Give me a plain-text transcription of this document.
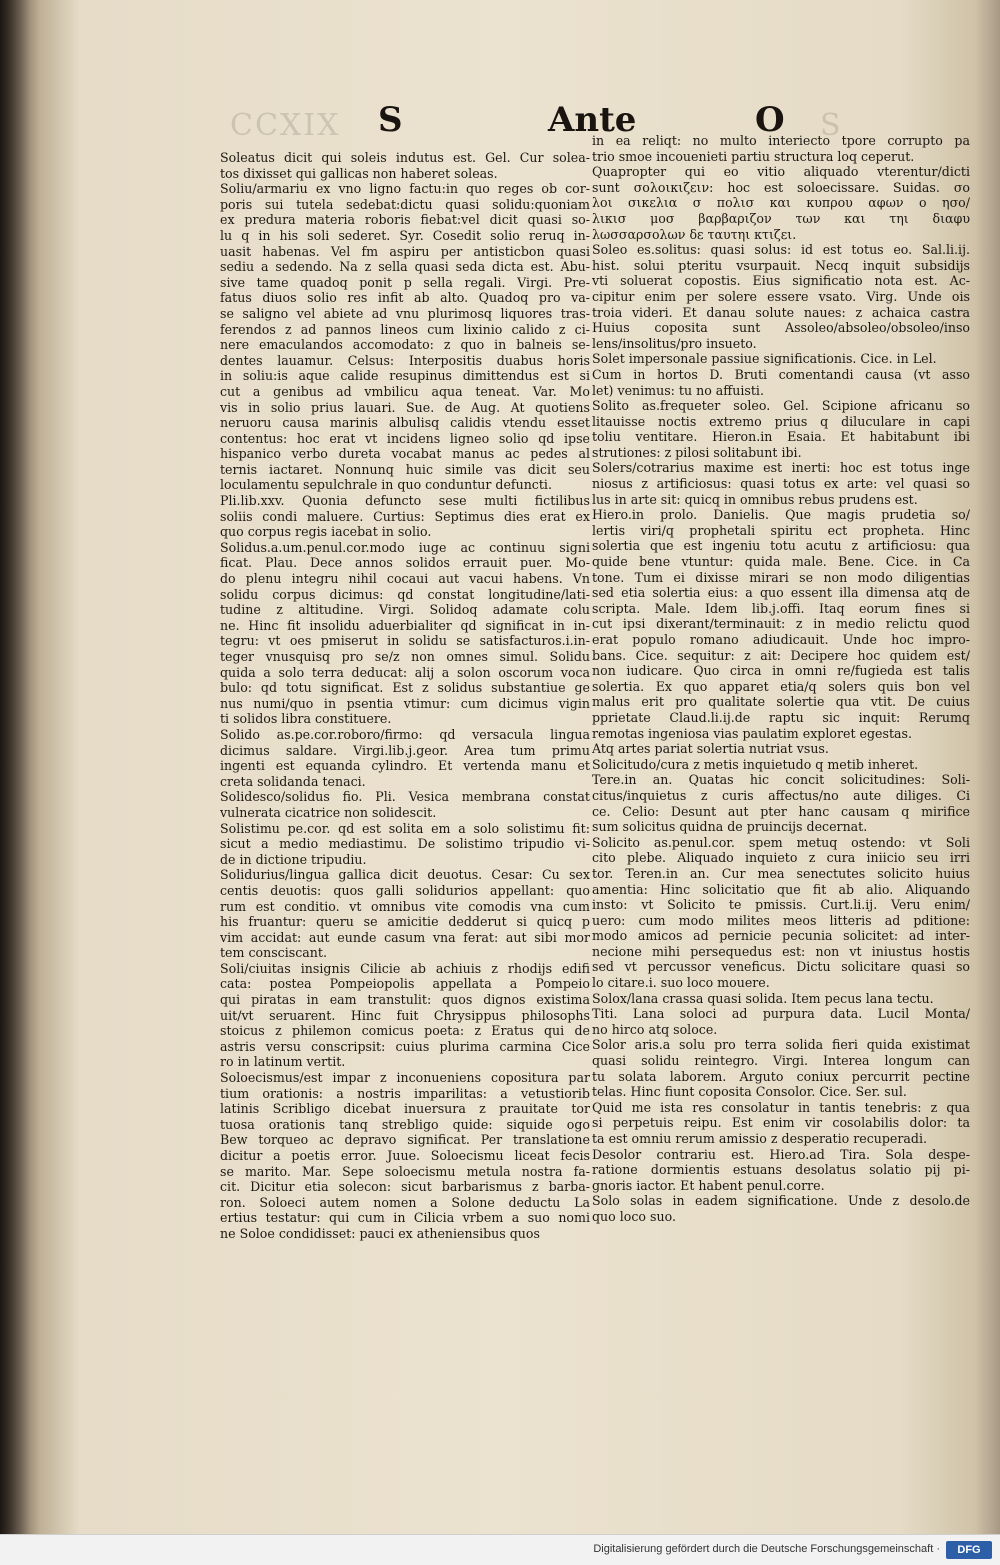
CCXIX	S
S	Ante	O
Soleatus dicit qui soleis indutus est. Gel. Cur solea-
tos dixisset qui gallicas non haberet soleas.
Soliu/armariu ex vno ligno factu:in quo reges ob cor-
poris sui tutela sedebat:dictu quasi solidu:quoniam
ex predura materia roboris fiebat:vel dicit quasi so-
lu q in his soli sederet. Syr. Cosedit solio reruq in-
uasit habenas. Vel fm aspiru per antisticbon quasi
sediu a sedendo. Na z sella quasi seda dicta est. Abu-
sive tame quadoq ponit p sella regali. Virgi. Pre-
fatus diuos solio res infit ab alto. Quadoq pro va-
se saligno vel abiete ad vnu plurimosq liquores tras-
ferendos z ad pannos lineos cum lixinio calido z ci-
nere emaculandos accomodato: z quo in balneis se-
dentes lauamur. Celsus: Interpositis duabus horis
in soliu:is aque calide resupinus dimittendus est si
cut a genibus ad vmbilicu aqua teneat. Var. Mo
vis in solio prius lauari. Sue. de Aug. At quotiens
neruoru causa marinis albulisq calidis vtendu esset
contentus: hoc erat vt incidens ligneo solio qd ipse
hispanico verbo dureta vocabat manus ac pedes al
ternis iactaret. Nonnunq huic simile vas dicit seu
loculamentu sepulchrale in quo conduntur defuncti.
Pli.lib.xxv. Quonia defuncto sese multi fictilibus
soliis condi maluere. Curtius: Septimus dies erat ex
quo corpus regis iacebat in solio.
Solidus.a.um.penul.cor.modo iuge ac continuu signi
ficat. Plau. Dece annos solidos errauit puer. Mo-
do plenu integru nihil cocaui aut vacui habens. Vn
solidu corpus dicimus: qd constat longitudine/lati-
tudine z altitudine. Virgi. Solidoq adamate colu
ne. Hinc fit insolidu aduerbialiter qd significat in in-
tegru: vt oes pmiserut in solidu se satisfacturos.i.in-
teger vnusquisq pro se/z non omnes simul. Solidu
quida a solo terra deducat: alij a solon oscorum voca
bulo: qd totu significat. Est z solidus substantiue ge
nus numi/quo in psentia vtimur: cum dicimus vigin
ti solidos libra constituere.
Solido as.pe.cor.roboro/firmo: qd versacula lingua
dicimus saldare. Virgi.lib.j.geor. Area tum primu
ingenti est equanda cylindro. Et vertenda manu et
creta solidanda tenaci.
Solidesco/solidus fio. Pli. Vesica membrana constat
vulnerata cicatrice non solidescit.
Solistimu pe.cor. qd est solita em a solo solistimu fit:
sicut a medio mediastimu. De solistimo tripudio vi-
de in dictione tripudiu.
Solidurius/lingua gallica dicit deuotus. Cesar: Cu sex
centis deuotis: quos galli solidurios appellant: quo
rum est conditio. vt omnibus vite comodis vna cum
his fruantur: queru se amicitie dedderut si quicq p
vim accidat: aut eunde casum vna ferat: aut sibi mor
tem consciscant.
Soli/ciuitas insignis Cilicie ab achiuis z rhodijs edifi
cata: postea Pompeiopolis appellata a Pompeio
qui piratas in eam transtulit: quos dignos existima
uit/vt seruarent. Hinc fuit Chrysippus philosophs
stoicus z philemon comicus poeta: z Eratus qui de
astris versu conscripsit: cuius plurima carmina Cice
ro in latinum vertit.
Soloecismus/est impar z inconueniens copositura par
tium orationis: a nostris imparilitas: a vetustiorib
latinis Scribligo dicebat inuersura z prauitate tor
tuosa orationis tanq strebligo quide: siquide ogo
Bew torqueo ac depravo significat. Per translatione
dicitur a poetis error. Juue. Soloecismu liceat fecis
se marito. Mar. Sepe soloecismu metula nostra fa-
cit. Dicitur etia solecon: sicut barbarismus z barba-
ron. Soloeci autem nomen a Solone deductu La
ertius testatur: qui cum in Cilicia vrbem a suo nomi
ne Soloe condidisset: pauci ex atheniensibus quos
in ea reliqt: no multo interiecto tpore corrupto pa
trio smoe incouenieti partiu structura loq ceperut.
Quapropter qui eo vitio aliquado vterentur/dicti
sunt σολοικιζειν: hoc est soloecissare. Suidas. σο
λοι σικελια σ πολισ και κυπρου αφων ο ησο/
λικισ μοσ βαρβαριζον των και τηι διαφυ
λωσσαρσολων δε ταυτηι κτιζει.
Soleo es.solitus: quasi solus: id est totus eo. Sal.li.ij.
hist. solui pteritu vsurpauit. Necq inquit subsidijs
vti soluerat copostis. Eius significatio nota est. Ac-
cipitur enim per solere essere vsato. Virg. Unde ois
troia videri. Et danau solute naues: z achaica castra
Huius coposita sunt Assoleo/absoleo/obsoleo/inso
lens/insolitus/pro insueto.
Solet impersonale passiue significationis. Cice. in Lel.
Cum in hortos D. Bruti comentandi causa (vt asso
let) venimus: tu no affuisti.
Solito as.frequeter soleo. Gel. Scipione africanu so
litauisse noctis extremo prius q diluculare in capi
toliu ventitare. Hieron.in Esaia. Et habitabunt ibi
strutiones: z pilosi solitabunt ibi.
Solers/cotrarius maxime est inerti: hoc est totus inge
niosus z artificiosus: quasi totus ex arte: vel quasi so
lus in arte sit: quicq in omnibus rebus prudens est.
Hiero.in prolo. Danielis. Que magis prudetia so/
lertis viri/q prophetali spiritu ect propheta. Hinc
solertia que est ingeniu totu acutu z artificiosu: qua
quide bene vtuntur: quida male. Bene. Cice. in Ca
tone. Tum ei dixisse mirari se non modo diligentias
sed etia solertia eius: a quo essent illa dimensa atq de
scripta. Male. Idem lib.j.offi. Itaq eorum fines si
cut ipsi dixerant/terminauit: z in medio relictu quod
erat populo romano adiudicauit. Unde hoc impro-
bans. Cice. sequitur: z ait: Decipere hoc quidem est/
non iudicare. Quo circa in omni re/fugieda est talis
solertia. Ex quo apparet etia/q solers quis bon vel
malus erit pro qualitate solertie qua vtit. De cuius
pprietate Claud.li.ij.de raptu sic inquit: Rerumq
remotas ingeniosa vias paulatim exploret egestas.
Atq artes pariat solertia nutriat vsus.
Solicitudo/cura z metis inquietudo q metib inheret.
Tere.in an. Quatas hic concit solicitudines: Soli-
citus/inquietus z curis affectus/no aute diliges. Ci
ce. Celio: Desunt aut pter hanc causam q mirifice
sum solicitus quidna de pruincijs decernat.
Solicito as.penul.cor. spem metuq ostendo: vt Soli
cito plebe. Aliquado inquieto z cura iniicio seu irri
tor. Teren.in an. Cur mea senectutes solicito huius
amentia: Hinc solicitatio que fit ab alio. Aliquando
insto: vt Solicito te pmissis. Curt.li.ij. Veru enim/
uero: cum modo milites meos litteris ad pditione:
modo amicos ad pernicie pecunia solicitet: ad inter-
necione mihi persequedus est: non vt iniustus hostis
sed vt percussor veneficus. Dictu solicitare quasi so
lo citare.i. suo loco mouere.
Solox/lana crassa quasi solida. Item pecus lana tectu.
Titi. Lana soloci ad purpura data. Lucil Monta/
no hirco atq soloce.
Solor aris.a solu pro terra solida fieri quida existimat
quasi solidu reintegro. Virgi. Interea longum can
tu solata laborem. Arguto coniux percurrit pectine
telas. Hinc fiunt coposita Consolor. Cice. Ser. sul.
Quid me ista res consolatur in tantis tenebris: z qua
si perpetuis reipu. Est enim vir cosolabilis dolor: ta
ta est omniu rerum amissio z desperatio recuperadi.
Desolor contrariu est. Hiero.ad Tira. Sola despe-
ratione dormientis estuans desolatus solatio pij pi-
gnoris iactor. Et habent penul.corre.
Solo solas in eadem significatione. Unde z desolo.de
quo loco suo.
Digitalisierung gefördert durch die Deutsche Forschungsgemeinschaft ·	DFG
